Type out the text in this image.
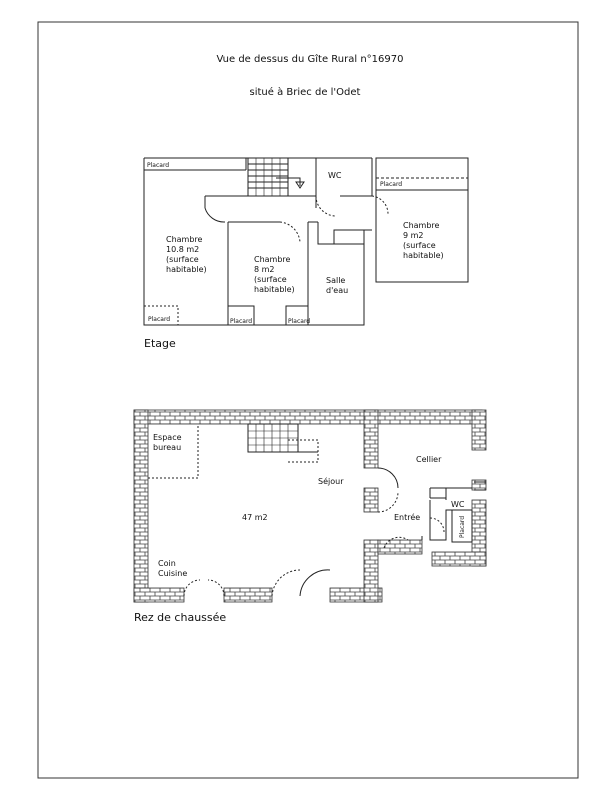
Vue de dessus du Gîte Rural n°16970
situé à Briec de l'Odet
Etage
Placard
WC
Placard
Chambre 10.8 m2 (surface habitable)
Chambre 8 m2 (surface habitable)
Chambre 9 m2 (surface habitable)
Salle d'eau
Placard	Placard	Placard
Espace bureau
Séjour
47 m2
Coin Cuisine
Cellier
WC
Entrée	Placard
Rez de chaussée
